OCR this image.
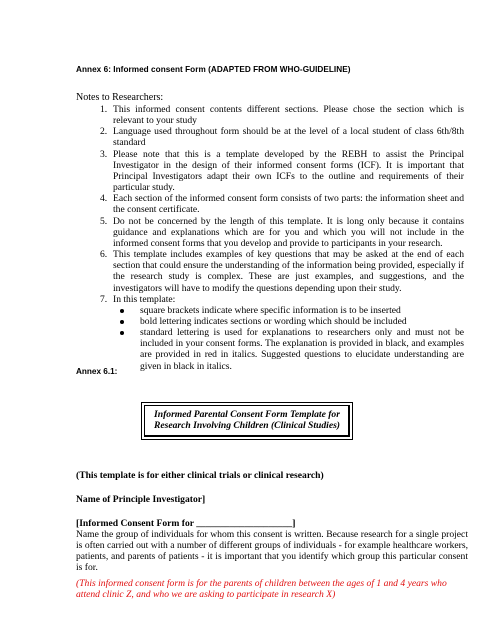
Annex 6: Informed consent Form (ADAPTED FROM WHO-GUIDELINE)
Notes to Researchers:
1. This informed consent contents different sections. Please chose the section which is relevant to your study
2. Language used throughout form should be at the level of a local student of class 6th/8th standard
3. Please note that this is a template developed by the REBH to assist the Principal Investigator in the design of their informed consent forms (ICF). It is important that Principal Investigators adapt their own ICFs to the outline and requirements of their particular study.
4. Each section of the informed consent form consists of two parts: the information sheet and the consent certificate.
5. Do not be concerned by the length of this template. It is long only because it contains guidance and explanations which are for you and which you will not include in the informed consent forms that you develop and provide to participants in your research.
6. This template includes examples of key questions that may be asked at the end of each section that could ensure the understanding of the information being provided, especially if the research study is complex. These are just examples, and suggestions, and the investigators will have to modify the questions depending upon their study.
7. In this template:
square brackets indicate where specific information is to be inserted
bold lettering indicates sections or wording which should be included
standard lettering is used for explanations to researchers only and must not be included in your consent forms. The explanation is provided in black, and examples are provided in red in italics. Suggested questions to elucidate understanding are given in black in italics.
Annex 6.1:
Informed Parental Consent Form Template for
Research Involving Children (Clinical Studies)
(This template is for either clinical trials or clinical research)
Name of Principle Investigator]
[Informed Consent Form for ____________________]
Name the group of individuals for whom this consent is written. Because research for a single project is often carried out with a number of different groups of individuals - for example healthcare workers, patients, and parents of patients - it is important that you identify which group this particular consent is for.
(This informed consent form is for the parents of children between the ages of 1 and 4 years who attend clinic Z, and who we are asking to participate in research X)
